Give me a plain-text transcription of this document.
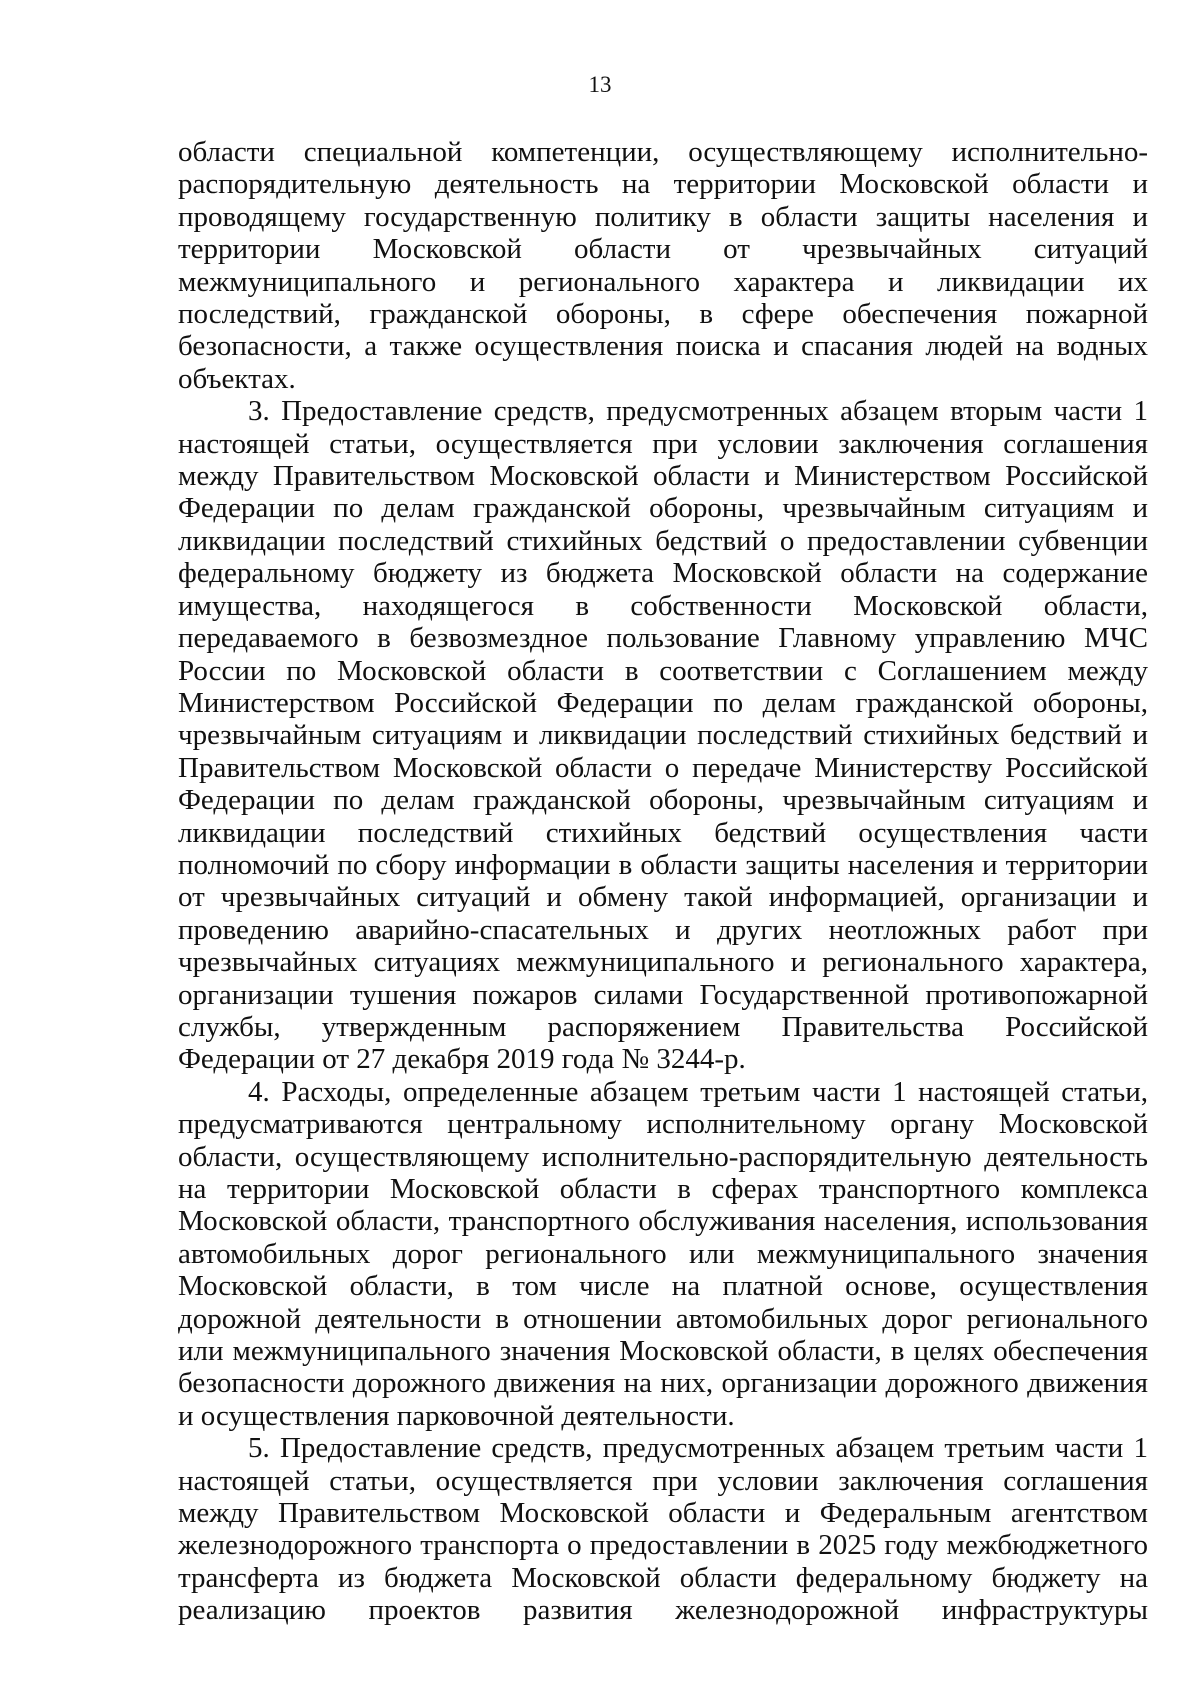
13

области специальной компетенции, осуществляющему исполнительно-распорядительную деятельность на территории Московской области и проводящему государственную политику в области защиты населения и территории Московской области от чрезвычайных ситуаций межмуниципального и регионального характера и ликвидации их последствий, гражданской обороны, в сфере обеспечения пожарной безопасности, а также осуществления поиска и спасания людей на водных объектах.

3. Предоставление средств, предусмотренных абзацем вторым части 1 настоящей статьи, осуществляется при условии заключения соглашения между Правительством Московской области и Министерством Российской Федерации по делам гражданской обороны, чрезвычайным ситуациям и ликвидации последствий стихийных бедствий о предоставлении субвенции федеральному бюджету из бюджета Московской области на содержание имущества, находящегося в собственности Московской области, передаваемого в безвозмездное пользование Главному управлению МЧС России по Московской области в соответствии с Соглашением между Министерством Российской Федерации по делам гражданской обороны, чрезвычайным ситуациям и ликвидации последствий стихийных бедствий и Правительством Московской области о передаче Министерству Российской Федерации по делам гражданской обороны, чрезвычайным ситуациям и ликвидации последствий стихийных бедствий осуществления части полномочий по сбору информации в области защиты населения и территории от чрезвычайных ситуаций и обмену такой информацией, организации и проведению аварийно-спасательных и других неотложных работ при чрезвычайных ситуациях межмуниципального и регионального характера, организации тушения пожаров силами Государственной противопожарной службы, утвержденным распоряжением Правительства Российской Федерации от 27 декабря 2019 года № 3244-р.

4. Расходы, определенные абзацем третьим части 1 настоящей статьи, предусматриваются центральному исполнительному органу Московской области, осуществляющему исполнительно-распорядительную деятельность на территории Московской области в сферах транспортного комплекса Московской области, транспортного обслуживания населения, использования автомобильных дорог регионального или межмуниципального значения Московской области, в том числе на платной основе, осуществления дорожной деятельности в отношении автомобильных дорог регионального или межмуниципального значения Московской области, в целях обеспечения безопасности дорожного движения на них, организации дорожного движения и осуществления парковочной деятельности.

5. Предоставление средств, предусмотренных абзацем третьим части 1 настоящей статьи, осуществляется при условии заключения соглашения между Правительством Московской области и Федеральным агентством железнодорожного транспорта о предоставлении в 2025 году межбюджетного трансферта из бюджета Московской области федеральному бюджету на реализацию проектов развития железнодорожной инфраструктуры
